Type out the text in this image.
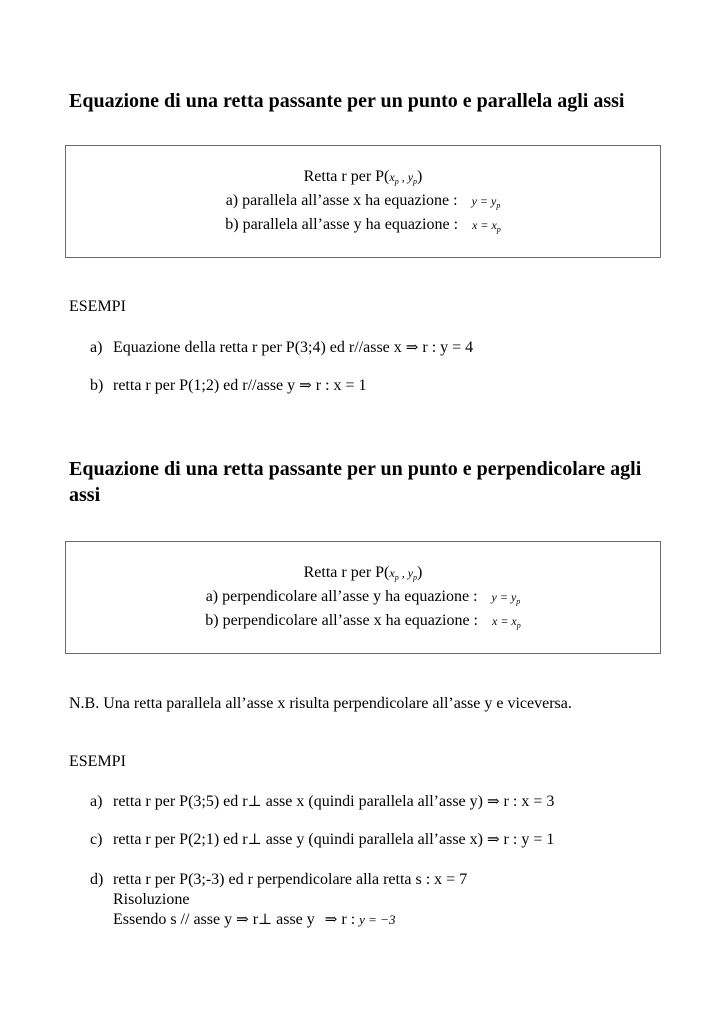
Equazione di una retta passante per un punto e parallela agli assi
Retta r per $P(x_p$ , $y_p$)
a) parallela all’asse x ha equazione : $y = y_p$
b) parallela all’asse y ha equazione : $x = x_p$
ESEMPI
a) Equazione della retta r per P(3;4) ed r//asse x ⇒ r : y = 4
b) retta r per P(1;2) ed r//asse y ⇒ r : x = 1
Equazione di una retta passante per un punto e perpendicolare agli
assi
Retta r per $P(x_p$ , $y_p$)
a) perpendicolare all’asse y ha equazione : $y = y_p$
b) perpendicolare all’asse x ha equazione : $x = x_p$
N.B. Una retta parallela all’asse x risulta perpendicolare all’asse y e viceversa.
ESEMPI
a) retta r per P(3;5) ed r⊥ asse x (quindi parallela all’asse y) ⇒ r : x = 3
c) retta r per P(2;1) ed r⊥ asse y (quindi parallela all’asse x) ⇒ r : y = 1
d) retta r per P(3;-3) ed r perpendicolare alla retta s : x = 7
Risoluzione
Essendo s // asse y ⇒ r⊥ asse y ⇒ r : y = −3
